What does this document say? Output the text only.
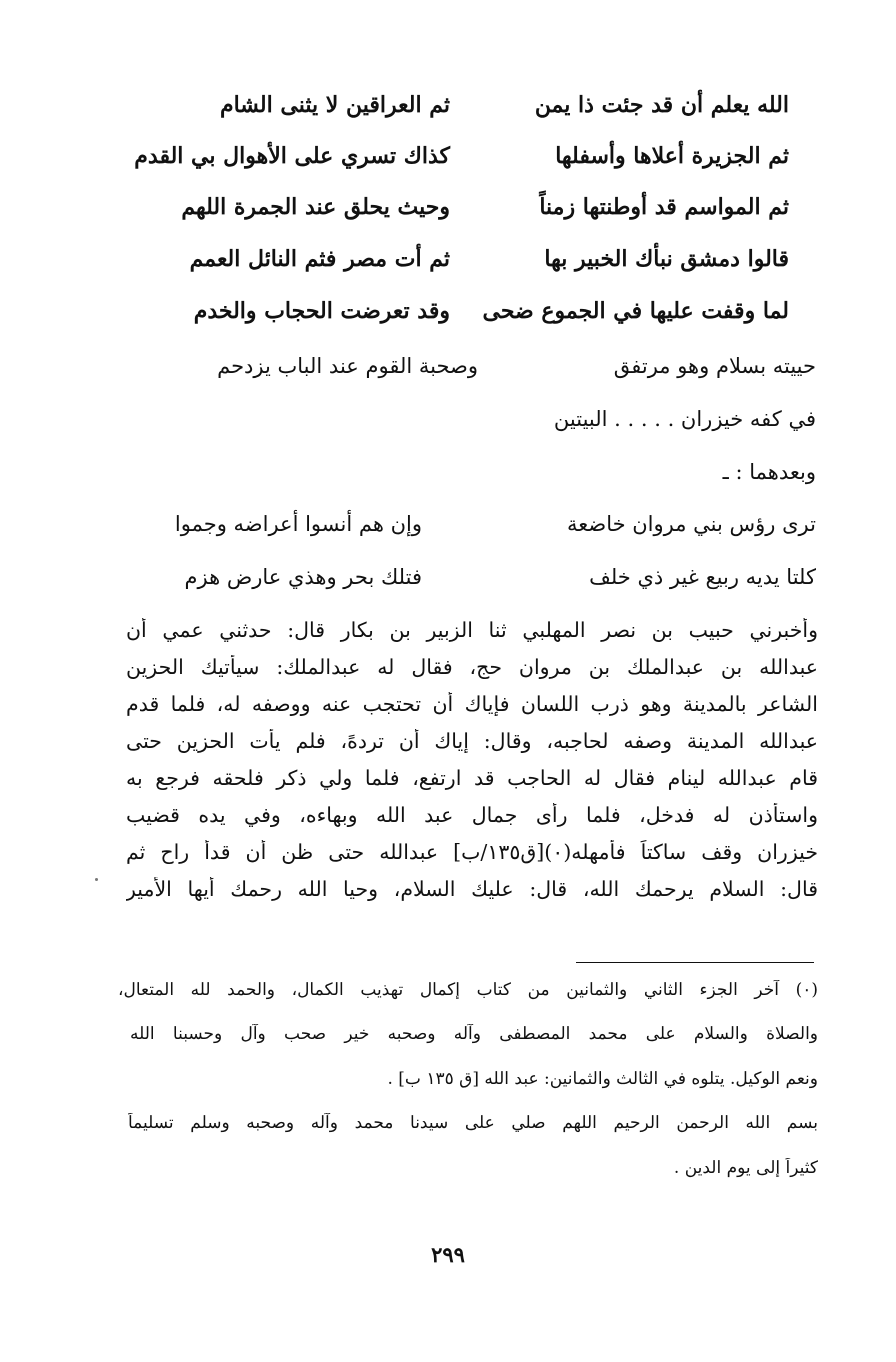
الله يعلم أن قد جئت ذا يمن
ثم العراقين لا يثنى الشام
ثم الجزيرة أعلاها وأسفلها
كذاك تسري على الأهوال بي القدم
ثم المواسم قد أوطنتها زمناً
وحيث يحلق عند الجمرة اللهم
قالوا دمشق نبأك الخبير بها
ثم أت مصر فثم النائل العمم
لما وقفت عليها في الجموع ضحى
وقد تعرضت الحجاب والخدم
حييته بسلام وهو مرتفق
وصحبة القوم عند الباب يزدحم
في كفه خيزران . . . . . البيتين
وبعدهما : ـ
ترى رؤس بني مروان خاضعة
وإن هم أنسوا أعراضه وجموا
كلتا يديه ربيع غير ذي خلف
فتلك بحر وهذي عارض هزم
وأخبرني حبيب بن نصر المهلبي ثنا الزبير بن بكار قال: حدثني عمي أن
عبدالله بن عبدالملك بن مروان حج، فقال له عبدالملك: سيأتيك الحزين
الشاعر بالمدينة وهو ذرب اللسان فإياك أن تحتجب عنه ووصفه له، فلما قدم
عبدالله المدينة وصفه لحاجبه، وقال: إياك أن تردهً، فلم يأت الحزين حتى
قام عبدالله لينام فقال له الحاجب قد ارتفع، فلما ولي ذكر فلحقه فرجع به
واستأذن له فدخل، فلما رأى جمال عبد الله وبهاءه، وفي يده قضيب
خيزران وقف ساكتاً فأمهله(٠)[ق١٣٥/ب] عبدالله حتى ظن أن قدأ راح ثم
قال: السلام يرحمك الله، قال: عليك السلام، وحيا الله رحمك أيها الأمير
(٠) آخر الجزء الثاني والثمانين من كتاب إكمال تهذيب الكمال، والحمد لله المتعال،
والصلاة والسلام على محمد المصطفى وآله وصحبه خير صحب وآل وحسبنا الله
ونعم الوكيل. يتلوه في الثالث والثمانين: عبد الله [ق ١٣٥ ب] .
بسم الله الرحمن الرحيم اللهم صلي على سيدنا محمد وآله وصحبه وسلم تسليماً
كثيراً إلى يوم الدين .
٢٩٩
